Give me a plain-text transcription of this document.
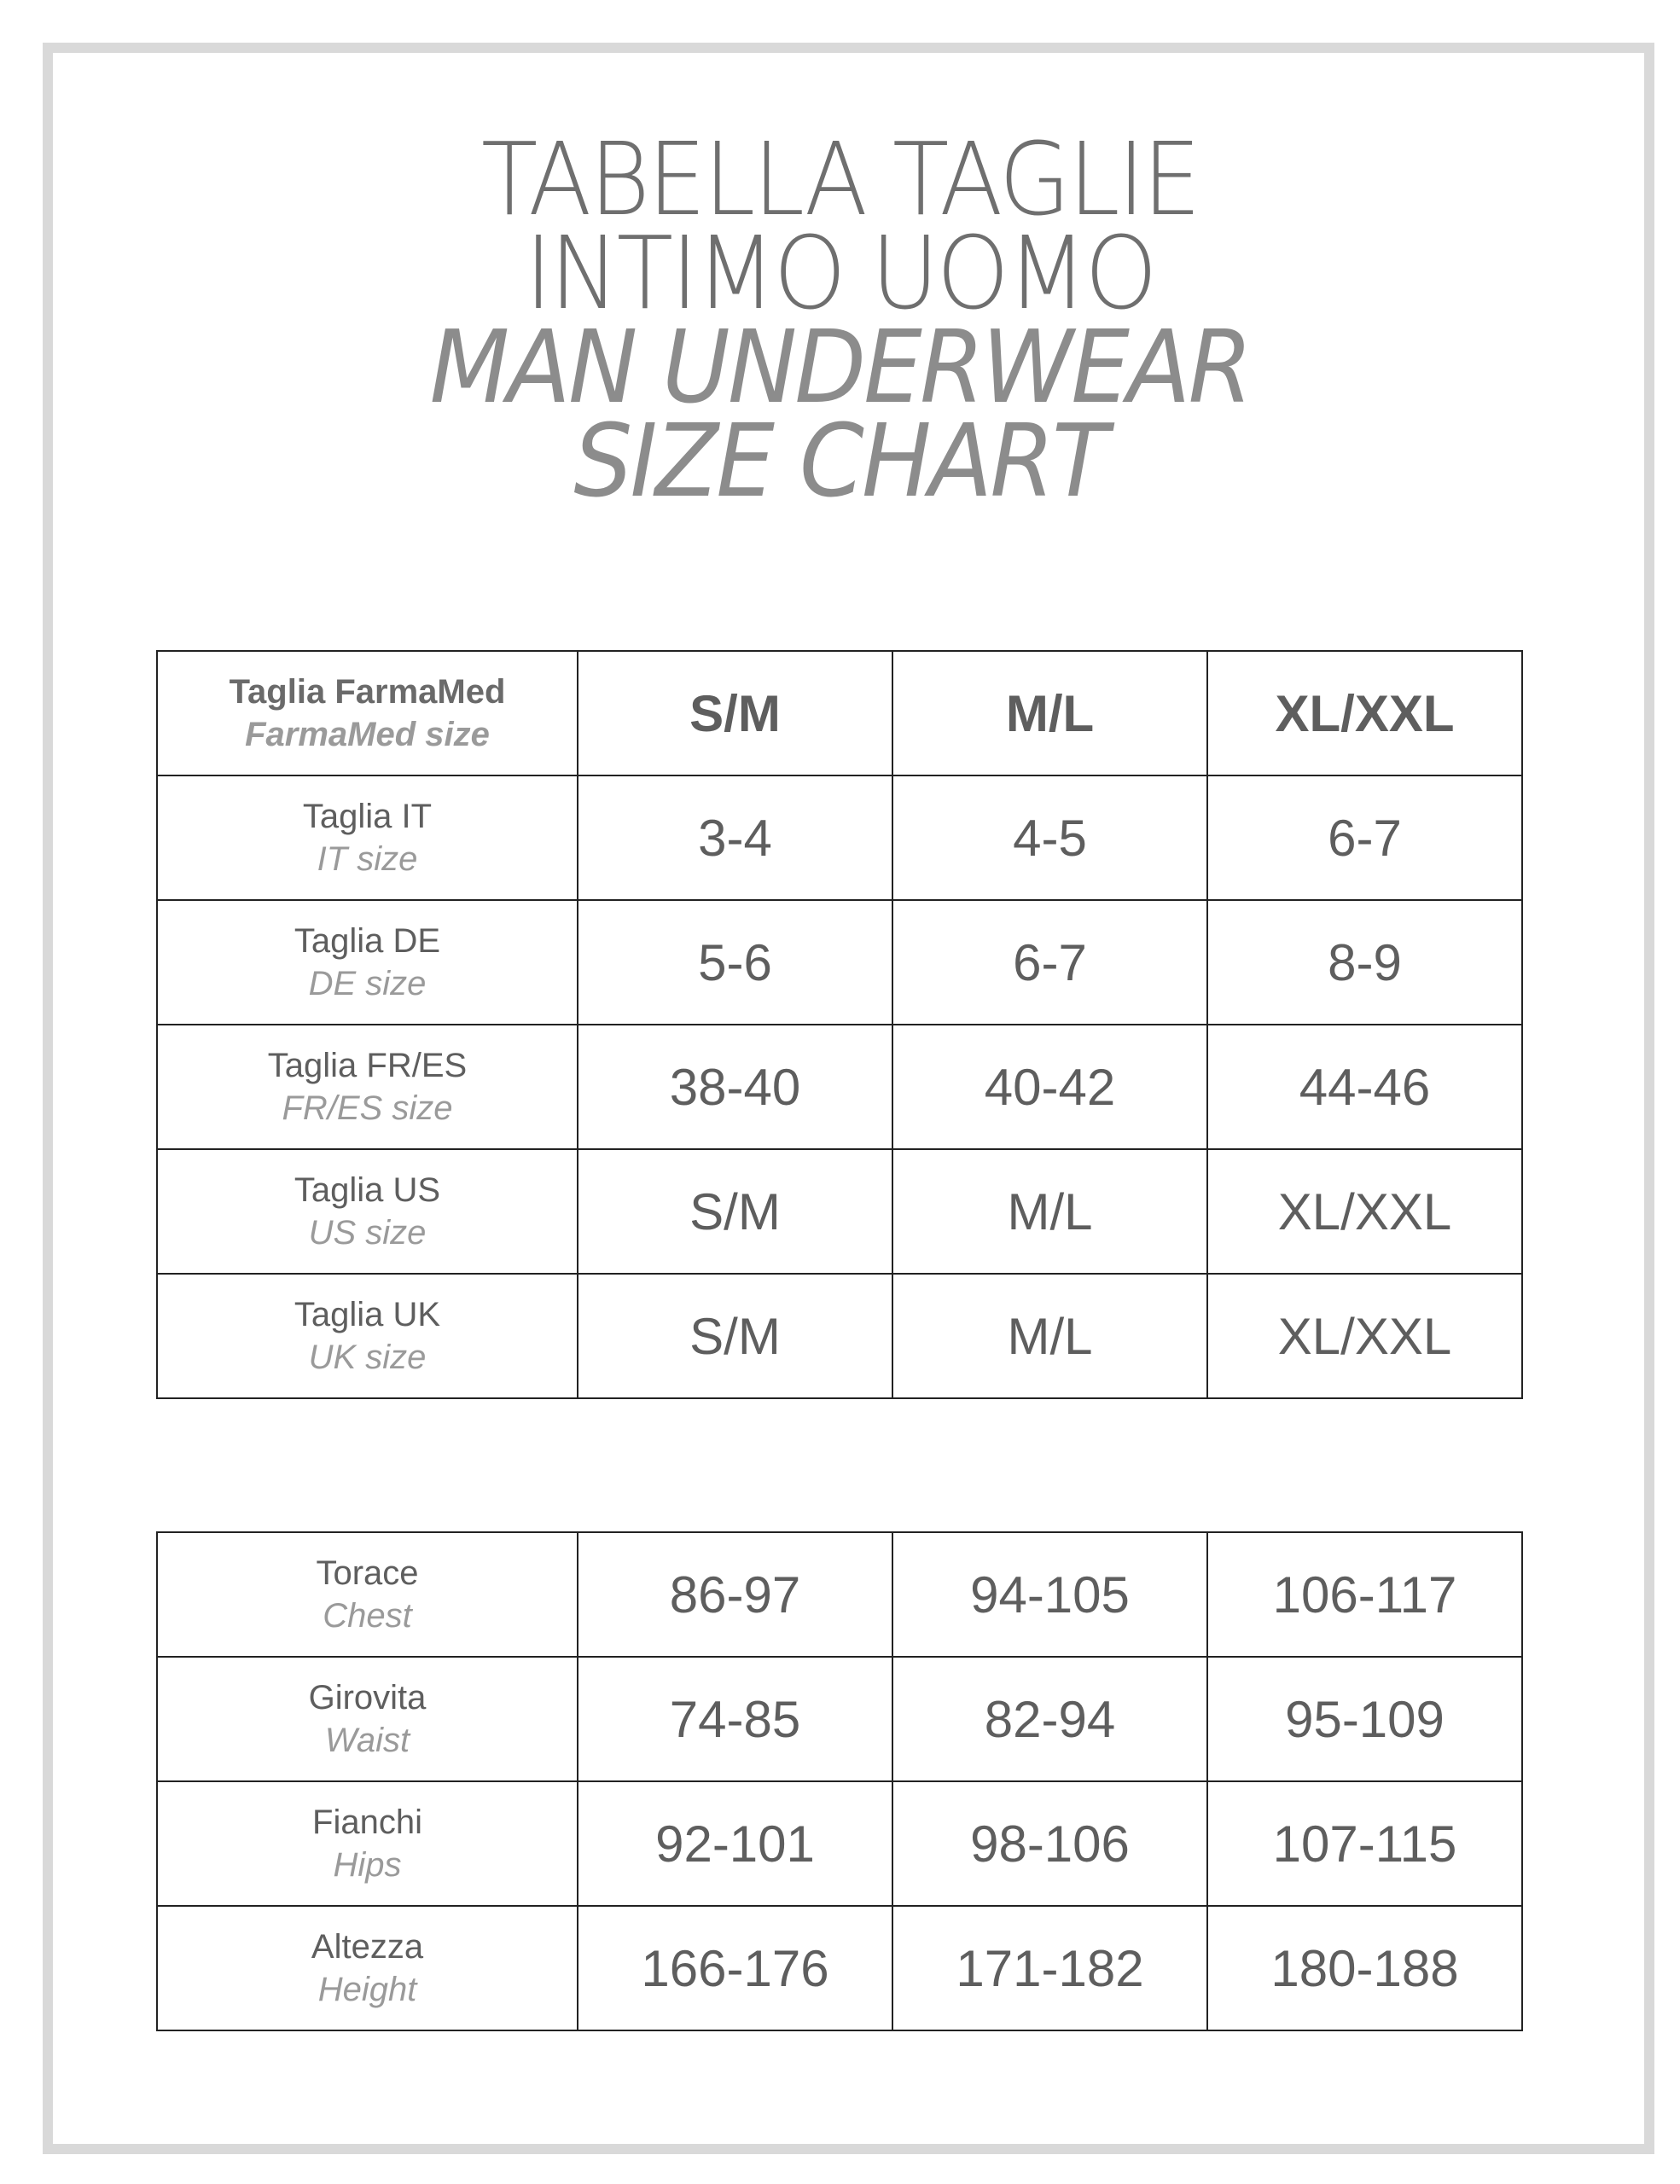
TABELLA TAGLIE
INTIMO UOMO
MAN UNDERWEAR
SIZE CHART
Taglia FarmaMed
FarmaMed size	S/M	M/L	XL/XXL

Taglia IT
IT size	3-4	4-5	6-7

Taglia DE
DE size	5-6	6-7	8-9

Taglia FR/ES
FR/ES size	38-40	40-42	44-46

Taglia US
US size	S/M	M/L	XL/XXL

Taglia UK
UK size	S/M	M/L	XL/XXL
Torace
Chest	86-97	94-105	106-117

Girovita
Waist	74-85	82-94	95-109

Fianchi
Hips	92-101	98-106	107-115

Altezza
Height	166-176	171-182	180-188
